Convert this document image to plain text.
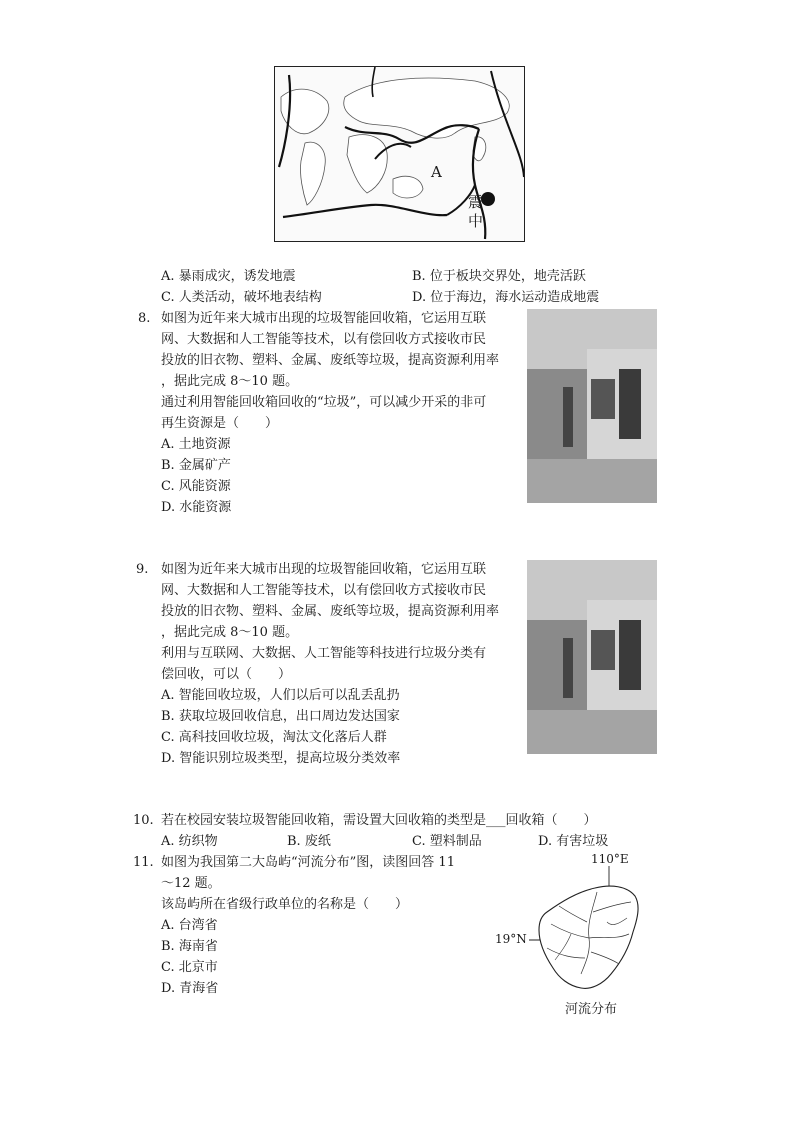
A
震
中
A. 暴雨成灾，诱发地震	B. 位于板块交界处，地壳活跃
C. 人类活动，破坏地表结构	D. 位于海边，海水运动造成地震
8. 如图为近年来大城市出现的垃圾智能回收箱，它运用互联
网、大数据和人工智能等技术，以有偿回收方式接收市民
投放的旧衣物、塑料、金属、废纸等垃圾，提高资源利用率
，据此完成 8～10 题。
通过利用智能回收箱回收的“垃圾”，可以减少开采的非可
再生资源是（　　）
A. 土地资源
B. 金属矿产
C. 风能资源
D. 水能资源
9. 如图为近年来大城市出现的垃圾智能回收箱，它运用互联
网、大数据和人工智能等技术，以有偿回收方式接收市民
投放的旧衣物、塑料、金属、废纸等垃圾，提高资源利用率
，据此完成 8～10 题。
利用与互联网、大数据、人工智能等科技进行垃圾分类有
偿回收，可以（　　）
A. 智能回收垃圾，人们以后可以乱丢乱扔
B. 获取垃圾回收信息，出口周边发达国家
C. 高科技回收垃圾，淘汰文化落后人群
D. 智能识别垃圾类型，提高垃圾分类效率
10. 若在校园安装垃圾智能回收箱，需设置大回收箱的类型是___回收箱（　　）
A. 纺织物	B. 废纸	C. 塑料制品	D. 有害垃圾
11. 如图为我国第二大岛屿“河流分布”图，读图回答 11
～12 题。
该岛屿所在省级行政单位的名称是（　　）
A. 台湾省
B. 海南省
C. 北京市
D. 青海省
110°E
19°N
河流分布
